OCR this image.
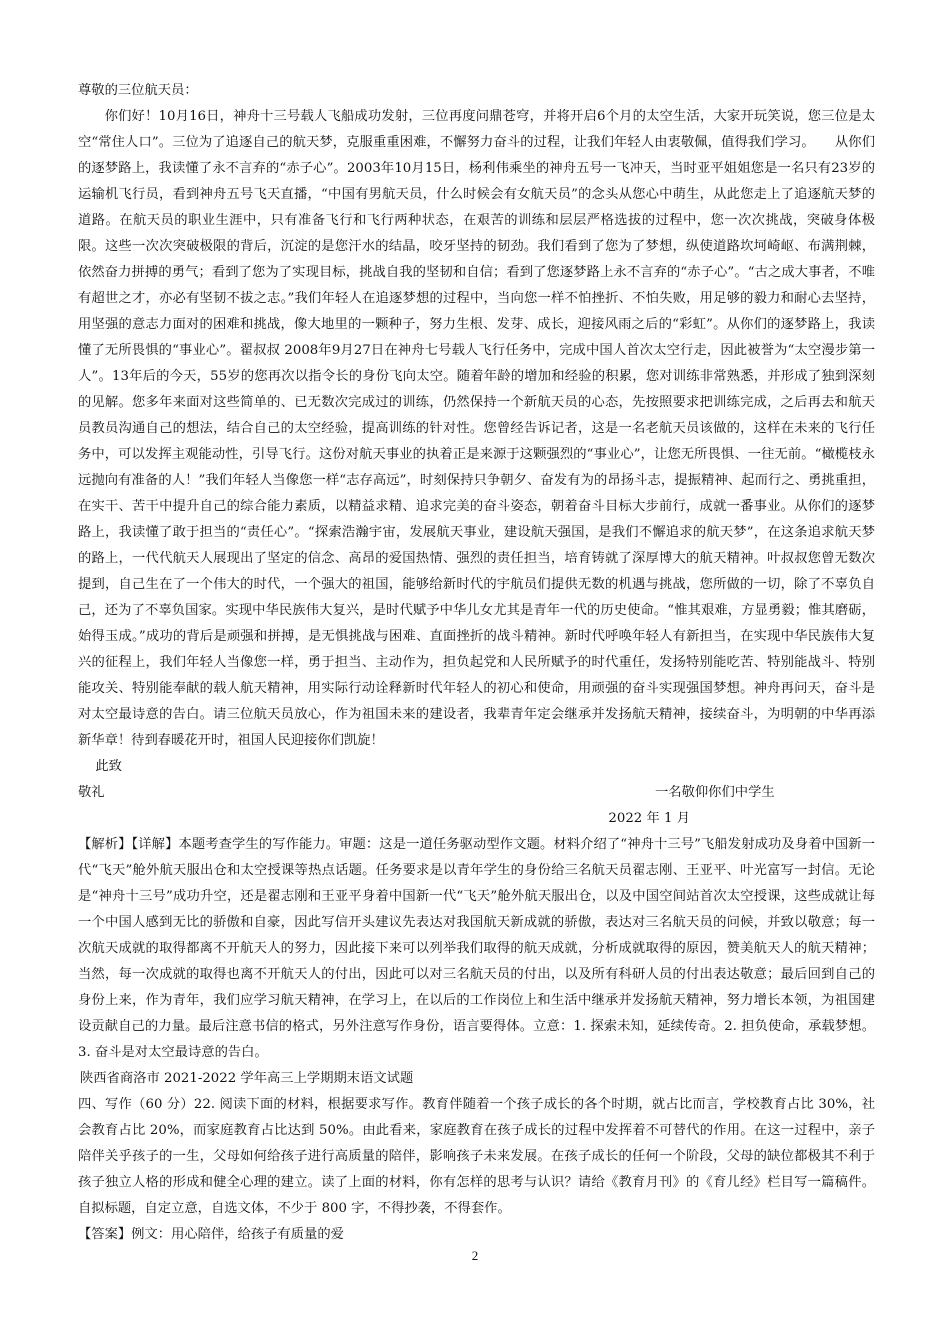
尊敬的三位航天员：

你们好！10月16日，神舟十三号载人飞船成功发射，三位再度问鼎苍穹，并将开启6个月的太空生活，大家开玩笑说，您三位是太空“常住人口”。三位为了追逐自己的航天梦，克服重重困难，不懈努力奋斗的过程，让我们年轻人由衷敬佩，值得我们学习。　　从你们的逐梦路上，我读懂了永不言弃的“赤子心”。2003年10月15日，杨利伟乘坐的神舟五号一飞冲天，当时亚平姐姐您是一名只有23岁的运输机飞行员，看到神舟五号飞天直播，“中国有男航天员，什么时候会有女航天员”的念头从您心中萌生，从此您走上了追逐航天梦的道路。在航天员的职业生涯中，只有准备飞行和飞行两种状态，在艰苦的训练和层层严格选拔的过程中，您一次次挑战，突破身体极限。这些一次次突破极限的背后，沉淀的是您汗水的结晶，咬牙坚持的韧劲。我们看到了您为了梦想，纵使道路坎坷崎岖、布满荆棘，依然奋力拼搏的勇气；看到了您为了实现目标，挑战自我的坚韧和自信；看到了您逐梦路上永不言弃的“赤子心”。“古之成大事者，不唯有超世之才，亦必有坚韧不拔之志。”我们年轻人在追逐梦想的过程中，当向您一样不怕挫折、不怕失败，用足够的毅力和耐心去坚持，用坚强的意志力面对的困难和挑战，像大地里的一颗种子，努力生根、发芽、成长，迎接风雨之后的“彩虹”。从你们的逐梦路上，我读懂了无所畏惧的“事业心”。翟叔叔 2008年9月27日在神舟七号载人飞行任务中，完成中国人首次太空行走，因此被誉为“太空漫步第一人”。13年后的今天，55岁的您再次以指令长的身份飞向太空。随着年龄的增加和经验的积累，您对训练非常熟悉，并形成了独到深刻的见解。您多年来面对这些简单的、已无数次完成过的训练，仍然保持一个新航天员的心态，先按照要求把训练完成，之后再去和航天员教员沟通自己的想法，结合自己的太空经验，提高训练的针对性。您曾经告诉记者，这是一名老航天员该做的，这样在未来的飞行任务中，可以发挥主观能动性，引导飞行。这份对航天事业的执着正是来源于这颗强烈的“事业心”，让您无所畏惧、一往无前。“橄榄枝永远抛向有准备的人！”我们年轻人当像您一样“志存高远”，时刻保持只争朝夕、奋发有为的昂扬斗志，提振精神、起而行之、勇挑重担，在实干、苦干中提升自己的综合能力素质，以精益求精、追求完美的奋斗姿态，朝着奋斗目标大步前行，成就一番事业。从你们的逐梦路上，我读懂了敢于担当的“责任心”。“探索浩瀚宇宙，发展航天事业，建设航天强国，是我们不懈追求的航天梦”，在这条追求航天梦的路上，一代代航天人展现出了坚定的信念、高昂的爱国热情、强烈的责任担当，培育铸就了深厚博大的航天精神。叶叔叔您曾无数次提到，自己生在了一个伟大的时代，一个强大的祖国，能够给新时代的宇航员们提供无数的机遇与挑战，您所做的一切，除了不辜负自己，还为了不辜负国家。实现中华民族伟大复兴，是时代赋予中华儿女尤其是青年一代的历史使命。“惟其艰难，方显勇毅；惟其磨砺，始得玉成。”成功的背后是顽强和拼搏，是无惧挑战与困难、直面挫折的战斗精神。新时代呼唤年轻人有新担当，在实现中华民族伟大复兴的征程上，我们年轻人当像您一样，勇于担当、主动作为，担负起党和人民所赋予的时代重任，发扬特别能吃苦、特别能战斗、特别能攻关、特别能奉献的载人航天精神，用实际行动诠释新时代年轻人的初心和使命，用顽强的奋斗实现强国梦想。神舟再问天，奋斗是对太空最诗意的告白。请三位航天员放心，作为祖国未来的建设者，我辈青年定会继承并发扬航天精神，接续奋斗，为明朝的中华再添新华章！待到春暖花开时，祖国人民迎接你们凯旋！

此致

敬礼	一名敬仰你们中学生

2022 年 1 月

【解析】【详解】本题考查学生的写作能力。审题：这是一道任务驱动型作文题。材料介绍了“神舟十三号”飞船发射成功及身着中国新一代“飞天”舱外航天服出仓和太空授课等热点话题。任务要求是以青年学生的身份给三名航天员翟志刚、王亚平、叶光富写一封信。无论是“神舟十三号”成功升空，还是翟志刚和王亚平身着中国新一代“飞天”舱外航天服出仓，以及中国空间站首次太空授课，这些成就让每一个中国人感到无比的骄傲和自豪，因此写信开头建议先表达对我国航天新成就的骄傲，表达对三名航天员的问候，并致以敬意；每一次航天成就的取得都离不开航天人的努力，因此接下来可以列举我们取得的航天成就，分析成就取得的原因，赞美航天人的航天精神；当然，每一次成就的取得也离不开航天人的付出，因此可以对三名航天员的付出，以及所有科研人员的付出表达敬意；最后回到自己的身份上来，作为青年，我们应学习航天精神，在学习上，在以后的工作岗位上和生活中继承并发扬航天精神，努力增长本领，为祖国建设贡献自己的力量。最后注意书信的格式，另外注意写作身份，语言要得体。立意：1. 探索未知，延续传奇。2. 担负使命，承载梦想。3. 奋斗是对太空最诗意的告白。

陕西省商洛市 2021-2022 学年高三上学期期末语文试题

四、写作（60 分）22. 阅读下面的材料，根据要求写作。教育伴随着一个孩子成长的各个时期，就占比而言，学校教育占比 30%，社会教育占比 20%，而家庭教育占比达到 50%。由此看来，家庭教育在孩子成长的过程中发挥着不可替代的作用。在这一过程中，亲子陪伴关乎孩子的一生，父母如何给孩子进行高质量的陪伴，影响孩子未来发展。在孩子成长的任何一个阶段，父母的缺位都极其不利于孩子独立人格的形成和健全心理的建立。读了上面的材料，你有怎样的思考与认识？请给《教育月刊》的《育儿经》栏目写一篇稿件。自拟标题，自定立意，自选文体，不少于 800 字，不得抄袭，不得套作。

【答案】例文：用心陪伴，给孩子有质量的爱

2
